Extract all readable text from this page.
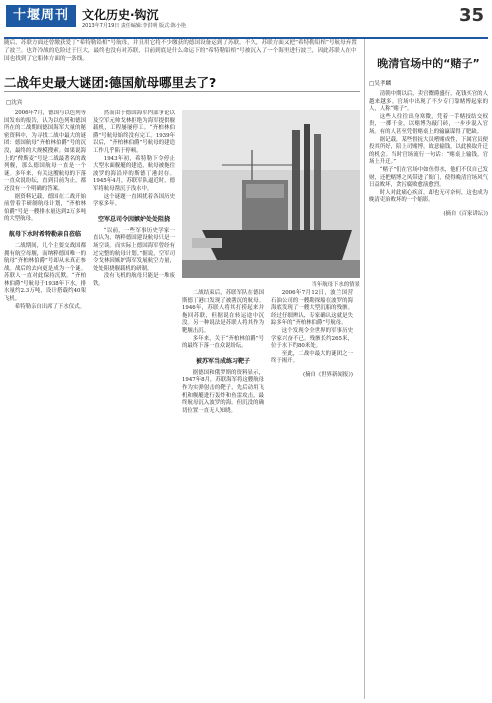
十堰周刊	文化历史·钩沉
2013年7月19日 责任编辑:李洪明 版式:陈小艳	35
随后，苏联方面还曾缴获爱丁“希特勒铅棺”号航母，并且用它将不少缴获的德国设备运到了苏联。不久，苏联方面又把“希特勒铅棺”号航母弃置了波兰。也许冷战的危险过于巨大，最终也没有对苏联，目前到底是什么命运下的“希特勒铅棺”号被沉入了一个海里进行波兰，因此苏联人在中国也找到了它船体方面的一条线。
二战年史最大谜团:德国航母哪里去了?
□沈宾

2006年7月，德国与以色列等国发布的报告，认为以色列和德国所在的二战期间德国海军大量的秘密资料中，为寻找二战中最大的谜团：德国航母“齐柏林伯爵”号的沉没，最终的大规模搜索。如果说海上的“俾斯麦”号是二战最著名的战列舰，那么德国航母一直是一个谜。多年来，有关这艘航母的下落一直众说纷纭，直到目前为止，都还没有一个明确的答案。

据资料记载，德国在二战开始前曾着手研制航母计划，“齐柏林伯爵”号是一艘排水量达到2万多吨的大型航母。

航母下水时希特勒亲自莅临

二战期间，几个主要交战国都拥有航空母舰，而纳粹德国唯一的航母“齐柏林伯爵”号却从未真正参战。战后的去向更是成为一个谜。苏联人一直对此保持沉默。“齐柏林伯爵”号航母于1938年下水，排水量约2.3万吨，设计搭载约40架飞机。

希特勒亲自出席了下水仪式。

然而由于德国海军内部争论以及空军元帅戈林拒绝为海军提供舰载机，工程屡屡停工。“齐柏林伯爵”号航母始终没有完工。1939年以后，“齐柏林伯爵”号航母的建造工作几乎陷于停顿。

1943年初，希特勒下令停止大型水面舰艇的建造，航母被拖往波罗的海沿岸的斯德丁港封存。1945年4月，苏联军队逼近时，德军将航母凿沉于浅水中。

这个谜题一直困扰着各国历史学家多年。

空军总司令因嫉妒处处阻挠

“以前，一些军事历史学家一直认为，纳粹德国建设航母只是一场空谈。而实际上德国海军曾经有过完整的航母计划。”据说，空军司令戈林因嫉妒海军发展航空力量，处处阻挠舰载机的研制。

没有飞机的航母只能是一堆废铁。	当年航母下水的情景

二战结束后，苏联军队在德国斯德丁港口发现了被凿沉的航母。1946年，苏联人将其打捞起来并拖回苏联，但据说在转运途中沉没。另一种说法是苏联人将其作为靶舰击沉。

多年来，关于“齐柏林伯爵”号的最终下落一直众说纷纭。

被苏军当成练习靶子

据德国和俄罗斯的资料显示，1947年8月，苏联海军将这艘航母作为实弹射击的靶子，先后动用飞机和舰艇进行轰炸和鱼雷攻击，最终航母沉入波罗的海。但沉没的确切位置一直无人知晓。

2006年7月12日，波兰国营石油公司的一艘勘探船在波罗的海海底发现了一艘大型沉船的残骸。经过仔细辨认，专家确认这就是失踪多年的“齐柏林伯爵”号航母。

这个发现令全世界的军事历史学家兴奋不已。残骸长约265米，位于水下约80米处。

至此，二战中最大的谜团之一终于揭开。

(摘自《世界新闻报》)
晚清官场中的“赌子”
□吴孝麟

清朝中期以后，卖官鬻爵盛行，花钱买官的人越来越多。官场中出现了不少专门靠赌博起家的人，人称“赌子”。

这些人往往出身寒微，凭着一手赌技结交权贵，一掷千金，以赌博为敲门砖，一步步混入官场。有的人甚至凭借赌桌上的输赢谋得了肥缺。

据记载，某些督抚大员嗜赌成性，下属官员便投其所好，陪上司赌博，故意输钱，以此换取升迁的机会。当时官场流行一句话：“赌桌上输钱，官场上升迁。”

“赌子”们在官场中如鱼得水，他们不仅自己发财，还把赌博之风带进了衙门，使得晚清官场风气日益败坏，贪污腐败愈演愈烈。

时人对此痛心疾首，却也无可奈何，这也成为晚清吏治败坏的一个缩影。

(摘自《百家讲坛》)
